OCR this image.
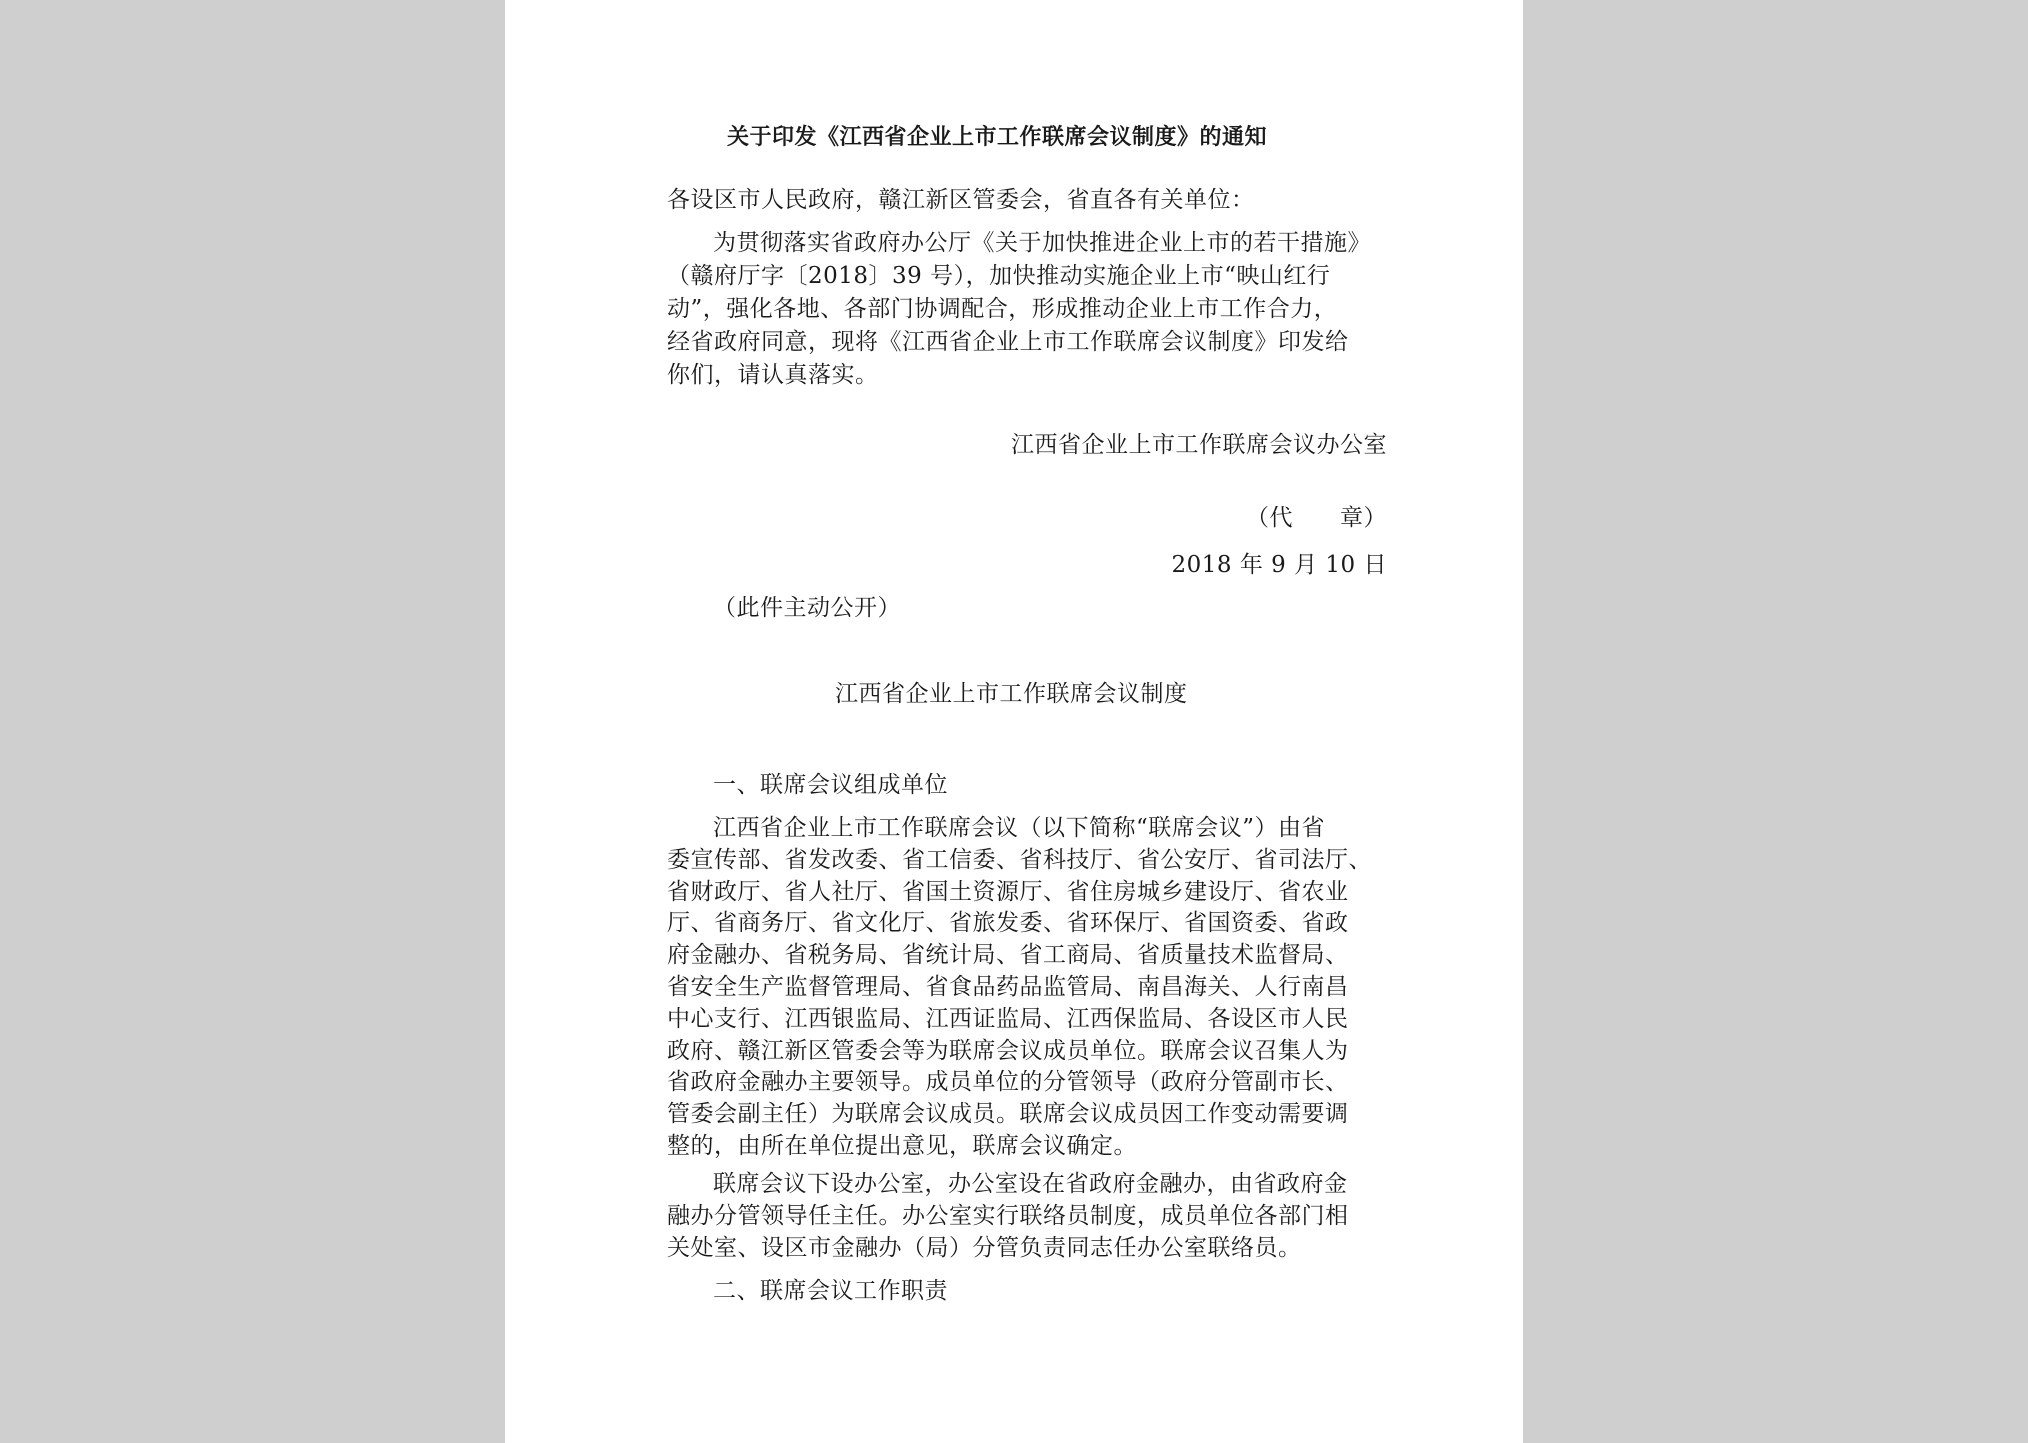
关于印发《江西省企业上市工作联席会议制度》的通知
各设区市人民政府，赣江新区管委会，省直各有关单位：
为贯彻落实省政府办公厅《关于加快推进企业上市的若干措施》
（赣府厅字〔2018〕39 号），加快推动实施企业上市“映山红行
动”，强化各地、各部门协调配合，形成推动企业上市工作合力，
经省政府同意，现将《江西省企业上市工作联席会议制度》印发给
你们，请认真落实。
江西省企业上市工作联席会议办公室
（代　　章）
2018 年 9 月 10 日
（此件主动公开）
江西省企业上市工作联席会议制度
一、联席会议组成单位
江西省企业上市工作联席会议（以下简称“联席会议”）由省
委宣传部、省发改委、省工信委、省科技厅、省公安厅、省司法厅、
省财政厅、省人社厅、省国土资源厅、省住房城乡建设厅、省农业
厅、省商务厅、省文化厅、省旅发委、省环保厅、省国资委、省政
府金融办、省税务局、省统计局、省工商局、省质量技术监督局、
省安全生产监督管理局、省食品药品监管局、南昌海关、人行南昌
中心支行、江西银监局、江西证监局、江西保监局、各设区市人民
政府、赣江新区管委会等为联席会议成员单位。联席会议召集人为
省政府金融办主要领导。成员单位的分管领导（政府分管副市长、
管委会副主任）为联席会议成员。联席会议成员因工作变动需要调
整的，由所在单位提出意见，联席会议确定。
联席会议下设办公室，办公室设在省政府金融办，由省政府金
融办分管领导任主任。办公室实行联络员制度，成员单位各部门相
关处室、设区市金融办（局）分管负责同志任办公室联络员。
二、联席会议工作职责
